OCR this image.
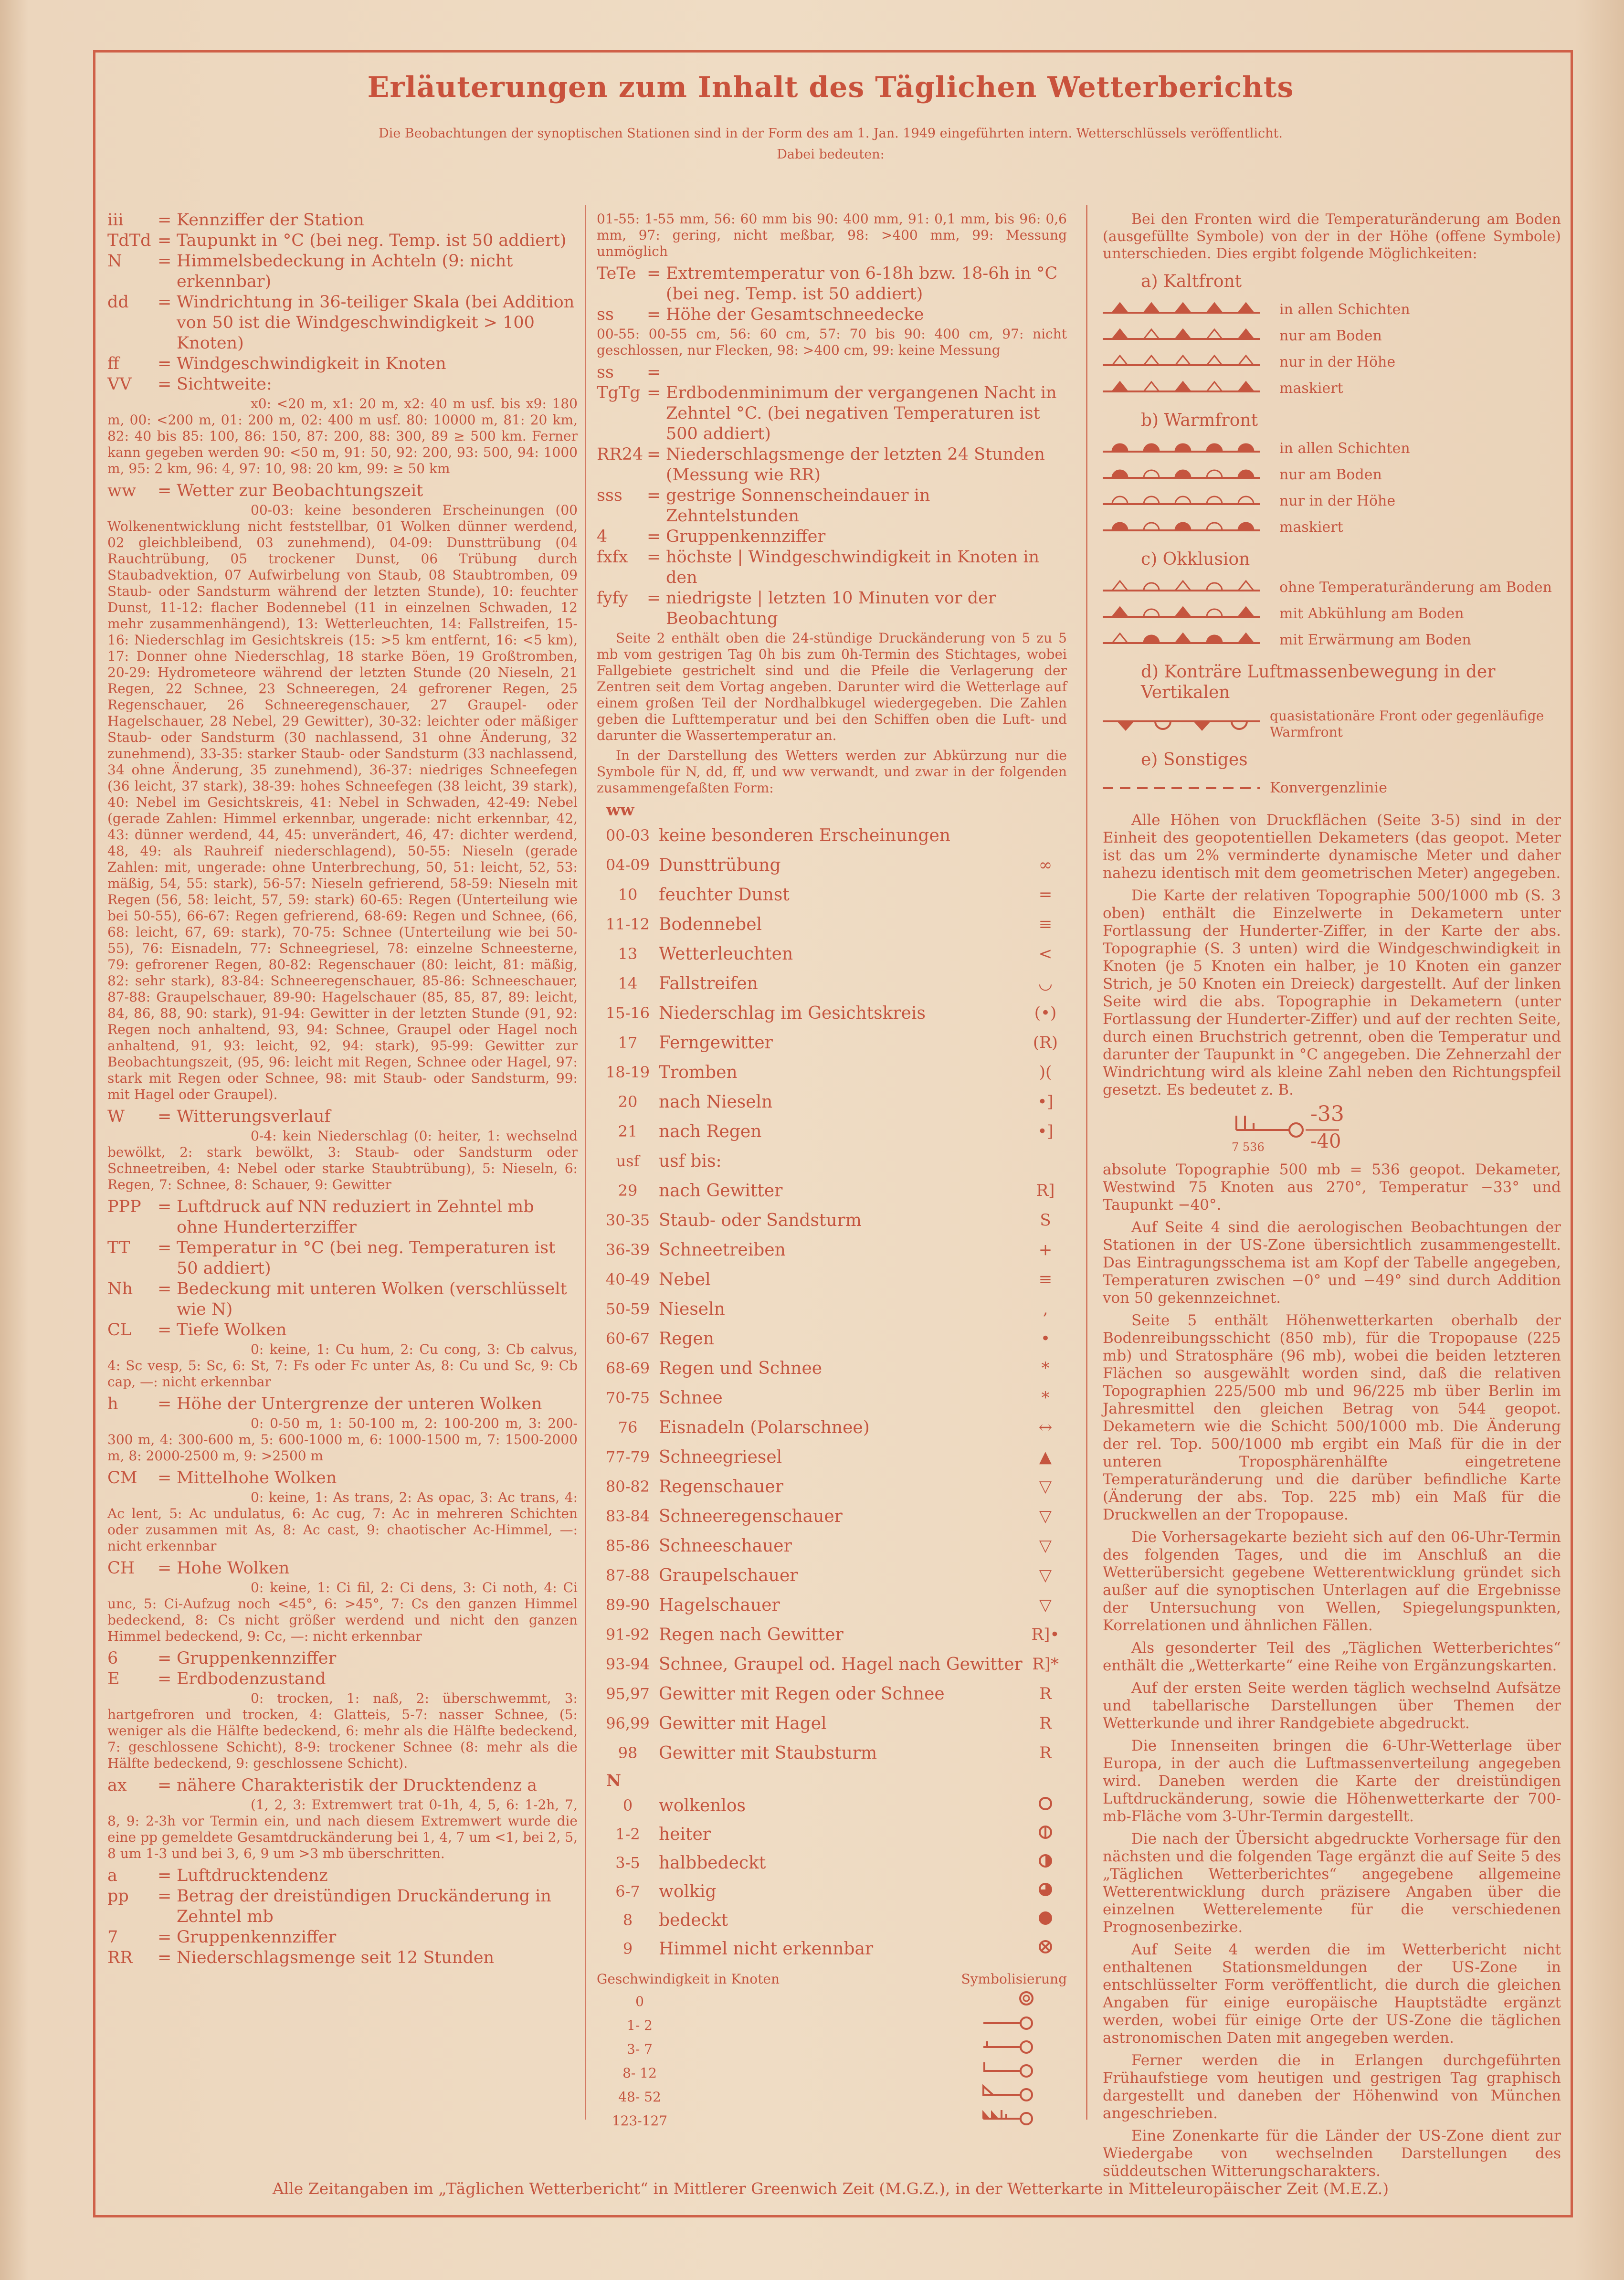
Erläuterungen zum Inhalt des Täglichen Wetterberichts
Die Beobachtungen der synoptischen Stationen sind in der Form des am 1. Jan. 1949 eingeführten intern. Wetterschlüssels veröffentlicht.
Dabei bedeuten:
iii	= Kennziffer der Station
TdTd = Taupunkt in °C (bei neg. Temp. ist 50 addiert)
N	= Himmelsbedeckung in Achteln (9: nicht erkennbar)
dd	= Windrichtung in 36-teiliger Skala (bei Addition von 50 ist die Windgeschwindigkeit > 100 Knoten)
ff	= Windgeschwindigkeit in Knoten
VV	= Sichtweite:
x0: <20 m, x1: 20 m, x2: 40 m usf. bis x9: 180 m, 00: <200 m, 01: 200 m, 02: 400 m usf. 80: 10000 m, 81: 20 km, 82: 40 bis 85: 100, 86: 150, 87: 200, 88: 300, 89 ≥ 500 km. Ferner kann gegeben werden 90: <50 m, 91: 50, 92: 200, 93: 500, 94: 1000 m, 95: 2 km, 96: 4, 97: 10, 98: 20 km, 99: ≥ 50 km
ww	= Wetter zur Beobachtungszeit
00-03: keine besonderen Erscheinungen (00 Wolkenentwicklung nicht feststellbar, 01 Wolken dünner werdend, 02 gleichbleibend, 03 zunehmend), 04-09: Dunsttrübung (04 Rauchtrübung, 05 trockener Dunst, 06 Trübung durch Staubadvektion, 07 Aufwirbelung von Staub, 08 Staubtromben, 09 Staub- oder Sandsturm während der letzten Stunde), 10: feuchter Dunst, 11-12: flacher Bodennebel (11 in einzelnen Schwaden, 12 mehr zusammenhängend), 13: Wetterleuchten, 14: Fallstreifen, 15-16: Niederschlag im Gesichtskreis (15: >5 km entfernt, 16: <5 km), 17: Donner ohne Niederschlag, 18 starke Böen, 19 Großtromben, 20-29: Hydrometeore während der letzten Stunde (20 Nieseln, 21 Regen, 22 Schnee, 23 Schneeregen, 24 gefrorener Regen, 25 Regenschauer, 26 Schneeregenschauer, 27 Graupel- oder Hagelschauer, 28 Nebel, 29 Gewitter), 30-32: leichter oder mäßiger Staub- oder Sandsturm (30 nachlassend, 31 ohne Änderung, 32 zunehmend), 33-35: starker Staub- oder Sandsturm (33 nachlassend, 34 ohne Änderung, 35 zunehmend), 36-37: niedriges Schneefegen (36 leicht, 37 stark), 38-39: hohes Schneefegen (38 leicht, 39 stark), 40: Nebel im Gesichtskreis, 41: Nebel in Schwaden, 42-49: Nebel (gerade Zahlen: Himmel erkennbar, ungerade: nicht erkennbar, 42, 43: dünner werdend, 44, 45: unverändert, 46, 47: dichter werdend, 48, 49: als Rauhreif niederschlagend), 50-55: Nieseln (gerade Zahlen: mit, ungerade: ohne Unterbrechung, 50, 51: leicht, 52, 53: mäßig, 54, 55: stark), 56-57: Nieseln gefrierend, 58-59: Nieseln mit Regen (56, 58: leicht, 57, 59: stark) 60-65: Regen (Unterteilung wie bei 50-55), 66-67: Regen gefrierend, 68-69: Regen und Schnee, (66, 68: leicht, 67, 69: stark), 70-75: Schnee (Unterteilung wie bei 50-55), 76: Eisnadeln, 77: Schneegriesel, 78: einzelne Schneesterne, 79: gefrorener Regen, 80-82: Regenschauer (80: leicht, 81: mäßig, 82: sehr stark), 83-84: Schneeregenschauer, 85-86: Schneeschauer, 87-88: Graupelschauer, 89-90: Hagelschauer (85, 85, 87, 89: leicht, 84, 86, 88, 90: stark), 91-94: Gewitter in der letzten Stunde (91, 92: Regen noch anhaltend, 93, 94: Schnee, Graupel oder Hagel noch anhaltend, 91, 93: leicht, 92, 94: stark), 95-99: Gewitter zur Beobachtungszeit, (95, 96: leicht mit Regen, Schnee oder Hagel, 97: stark mit Regen oder Schnee, 98: mit Staub- oder Sandsturm, 99: mit Hagel oder Graupel).
W	= Witterungsverlauf
0-4: kein Niederschlag (0: heiter, 1: wechselnd bewölkt, 2: stark bewölkt, 3: Staub- oder Sandsturm oder Schneetreiben, 4: Nebel oder starke Staubtrübung), 5: Nieseln, 6: Regen, 7: Schnee, 8: Schauer, 9: Gewitter
PPP = Luftdruck auf NN reduziert in Zehntel mb ohne Hunderterziffer
TT	= Temperatur in °C (bei neg. Temperaturen ist 50 addiert)
Nh	= Bedeckung mit unteren Wolken (verschlüsselt wie N)
CL	= Tiefe Wolken
0: keine, 1: Cu hum, 2: Cu cong, 3: Cb calvus, 4: Sc vesp, 5: Sc, 6: St, 7: Fs oder Fc unter As, 8: Cu und Sc, 9: Cb cap, —: nicht erkennbar
h	= Höhe der Untergrenze der unteren Wolken
0: 0-50 m, 1: 50-100 m, 2: 100-200 m, 3: 200-300 m, 4: 300-600 m, 5: 600-1000 m, 6: 1000-1500 m, 7: 1500-2000 m, 8: 2000-2500 m, 9: >2500 m
CM	= Mittelhohe Wolken
0: keine, 1: As trans, 2: As opac, 3: Ac trans, 4: Ac lent, 5: Ac undulatus, 6: Ac cug, 7: Ac in mehreren Schichten oder zusammen mit As, 8: Ac cast, 9: chaotischer Ac-Himmel, —: nicht erkennbar
CH	= Hohe Wolken
0: keine, 1: Ci fil, 2: Ci dens, 3: Ci noth, 4: Ci unc, 5: Ci-Aufzug noch <45°, 6: >45°, 7: Cs den ganzen Himmel bedeckend, 8: Cs nicht größer werdend und nicht den ganzen Himmel bedeckend, 9: Cc, —: nicht erkennbar
6	= Gruppenkennziffer
E	= Erdbodenzustand
0: trocken, 1: naß, 2: überschwemmt, 3: hartgefroren und trocken, 4: Glatteis, 5-7: nasser Schnee, (5: weniger als die Hälfte bedeckend, 6: mehr als die Hälfte bedeckend, 7: geschlossene Schicht), 8-9: trockener Schnee (8: mehr als die Hälfte bedeckend, 9: geschlossene Schicht).
ax	= nähere Charakteristik der Drucktendenz a
(1, 2, 3: Extremwert trat 0-1h, 4, 5, 6: 1-2h, 7, 8, 9: 2-3h vor Termin ein, und nach diesem Extremwert wurde die eine pp gemeldete Gesamtdruckänderung bei 1, 4, 7 um <1, bei 2, 5, 8 um 1-3 und bei 3, 6, 9 um >3 mb überschritten.
a	= Luftdrucktendenz
pp	= Betrag der dreistündigen Druckänderung in Zehntel mb
7	= Gruppenkennziffer
RR	= Niederschlagsmenge seit 12 Stunden
01-55: 1-55 mm, 56: 60 mm bis 90: 400 mm, 91: 0,1 mm, bis 96: 0,6 mm, 97: gering, nicht meßbar, 98: >400 mm, 99: Messung unmöglich
TeTe = Extremtemperatur von 6-18h bzw. 18-6h in °C (bei neg. Temp. ist 50 addiert)
ss	= Höhe der Gesamtschneedecke
00-55: 00-55 cm, 56: 60 cm, 57: 70 bis 90: 400 cm, 97: nicht geschlossen, nur Flecken, 98: >400 cm, 99: keine Messung
ss	=
TgTg = Erdbodenminimum der vergangenen Nacht in Zehntel °C. (bei negativen Temperaturen ist 500 addiert)
RR24 = Niederschlagsmenge der letzten 24 Stunden (Messung wie RR)
sss	= gestrige Sonnenscheindauer in Zehntelstunden
4	= Gruppenkennziffer
fxfx	= höchste | Windgeschwindigkeit in Knoten in den
fyfy	= niedrigste | letzten 10 Minuten vor der Beobachtung
Seite 2 enthält oben die 24-stündige Druckänderung von 5 zu 5 mb vom gestrigen Tag 0h bis zum 0h-Termin des Stichtages, wobei Fallgebiete gestrichelt sind und die Pfeile die Verlagerung der Zentren seit dem Vortag angeben. Darunter wird die Wetterlage auf einem großen Teil der Nordhalbkugel wiedergegeben. Die Zahlen geben die Lufttemperatur und bei den Schiffen oben die Luft- und darunter die Wassertemperatur an.
In der Darstellung des Wetters werden zur Abkürzung nur die Symbole für N, dd, ff, und ww verwandt, und zwar in der folgenden zusammengefaßten Form:
ww
00-03	keine besonderen Erscheinungen	
04-09	Dunsttrübung	∞
10	feuchter Dunst	=
11-12	Bodennebel	≡
13	Wetterleuchten	<
14	Fallstreifen	◡
15-16	Niederschlag im Gesichtskreis	(•)
17	Ferngewitter	(R)
18-19	Tromben	)(
20	nach Nieseln	•]
21	nach Regen	•]
usf	usf bis:	
29	nach Gewitter	R]
30-35	Staub- oder Sandsturm	S
36-39	Schneetreiben	+
40-49	Nebel	≡
50-59	Nieseln	,
60-67	Regen	•
68-69	Regen und Schnee	*
70-75	Schnee	*
76	Eisnadeln (Polarschnee)	↔
77-79	Schneegriesel	▲
80-82	Regenschauer	▽
83-84	Schneeregenschauer	▽
85-86	Schneeschauer	▽
87-88	Graupelschauer	▽
89-90	Hagelschauer	▽
91-92	Regen nach Gewitter	R]•
93-94	Schnee, Graupel od. Hagel nach Gewitter	R]*
95,97	Gewitter mit Regen oder Schnee	R
96,99	Gewitter mit Hagel	R
98	Gewitter mit Staubsturm	R
N
0	wolkenlos	
1-2	heiter	
3-5	halbbedeckt	
6-7	wolkig	
8	bedeckt	
9	Himmel nicht erkennbar	
Geschwindigkeit in Knoten	Symbolisierung
0
1- 2
3- 7
8- 12
48- 52
123-127
Bei den Fronten wird die Temperaturänderung am Boden (ausgefüllte Symbole) von der in der Höhe (offene Symbole) unterschieden. Dies ergibt folgende Möglichkeiten:
a) Kaltfront
in allen Schichten
nur am Boden
nur in der Höhe
maskiert
b) Warmfront
in allen Schichten
nur am Boden
nur in der Höhe
maskiert
c) Okklusion
ohne Temperaturänderung am Boden
mit Abkühlung am Boden
mit Erwärmung am Boden
d) Konträre Luftmassenbewegung in der Vertikalen
quasistationäre Front oder gegenläufige Warmfront
e) Sonstiges
Konvergenzlinie
Alle Höhen von Druckflächen (Seite 3-5) sind in der Einheit des geopotentiellen Dekameters (das geopot. Meter ist das um 2% verminderte dynamische Meter und daher nahezu identisch mit dem geometrischen Meter) angegeben.
Die Karte der relativen Topographie 500/1000 mb (S. 3 oben) enthält die Einzelwerte in Dekametern unter Fortlassung der Hunderter-Ziffer, in der Karte der abs. Topographie (S. 3 unten) wird die Windgeschwindigkeit in Knoten (je 5 Knoten ein halber, je 10 Knoten ein ganzer Strich, je 50 Knoten ein Dreieck) dargestellt. Auf der linken Seite wird die abs. Topographie in Dekametern (unter Fortlassung der Hunderter-Ziffer) und auf der rechten Seite, durch einen Bruchstrich getrennt, oben die Temperatur und darunter der Taupunkt in °C angegeben. Die Zehnerzahl der Windrichtung wird als kleine Zahl neben den Richtungspfeil gesetzt. Es bedeutet z. B.
7 536
-33
-40
absolute Topographie 500 mb = 536 geopot. Dekameter, Westwind 75 Knoten aus 270°, Temperatur −33° und Taupunkt −40°.
Auf Seite 4 sind die aerologischen Beobachtungen der Stationen in der US-Zone übersichtlich zusammengestellt. Das Eintragungsschema ist am Kopf der Tabelle angegeben, Temperaturen zwischen −0° und −49° sind durch Addition von 50 gekennzeichnet.
Seite 5 enthält Höhenwetterkarten oberhalb der Bodenreibungsschicht (850 mb), für die Tropopause (225 mb) und Stratosphäre (96 mb), wobei die beiden letzteren Flächen so ausgewählt worden sind, daß die relativen Topographien 225/500 mb und 96/225 mb über Berlin im Jahresmittel den gleichen Betrag von 544 geopot. Dekametern wie die Schicht 500/1000 mb. Die Änderung der rel. Top. 500/1000 mb ergibt ein Maß für die in der unteren Troposphärenhälfte eingetretene Temperaturänderung und die darüber befindliche Karte (Änderung der abs. Top. 225 mb) ein Maß für die Druckwellen an der Tropopause.
Die Vorhersagekarte bezieht sich auf den 06-Uhr-Termin des folgenden Tages, und die im Anschluß an die Wetterübersicht gegebene Wetterentwicklung gründet sich außer auf die synoptischen Unterlagen auf die Ergebnisse der Untersuchung von Wellen, Spiegelungspunkten, Korrelationen und ähnlichen Fällen.
Als gesonderter Teil des „Täglichen Wetterberichtes“ enthält die „Wetterkarte“ eine Reihe von Ergänzungskarten.
Auf der ersten Seite werden täglich wechselnd Aufsätze und tabellarische Darstellungen über Themen der Wetterkunde und ihrer Randgebiete abgedruckt.
Die Innenseiten bringen die 6-Uhr-Wetterlage über Europa, in der auch die Luftmassenverteilung angegeben wird. Daneben werden die Karte der dreistündigen Luftdruckänderung, sowie die Höhenwetterkarte der 700-mb-Fläche vom 3-Uhr-Termin dargestellt.
Die nach der Übersicht abgedruckte Vorhersage für den nächsten und die folgenden Tage ergänzt die auf Seite 5 des „Täglichen Wetterberichtes“ angegebene allgemeine Wetterentwicklung durch präzisere Angaben über die einzelnen Wetterelemente für die verschiedenen Prognosenbezirke.
Auf Seite 4 werden die im Wetterbericht nicht enthaltenen Stationsmeldungen der US-Zone in entschlüsselter Form veröffentlicht, die durch die gleichen Angaben für einige europäische Hauptstädte ergänzt werden, wobei für einige Orte der US-Zone die täglichen astronomischen Daten mit angegeben werden.
Ferner werden die in Erlangen durchgeführten Frühaufstiege vom heutigen und gestrigen Tag graphisch dargestellt und daneben der Höhenwind von München angeschrieben.
Eine Zonenkarte für die Länder der US-Zone dient zur Wiedergabe von wechselnden Darstellungen des süddeutschen Witterungscharakters.
Alle Zeitangaben im „Täglichen Wetterbericht“ in Mittlerer Greenwich Zeit (M.G.Z.), in der Wetterkarte in Mitteleuropäischer Zeit (M.E.Z.)
